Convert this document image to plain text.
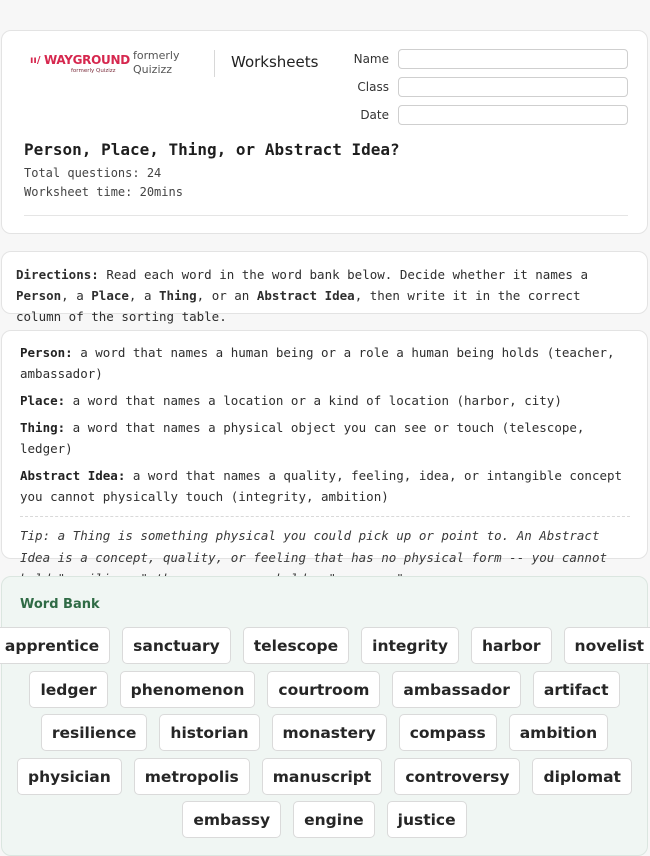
WAYGROUND
ıı/
formerly Quizizz
formerly Quizizz	Worksheets	Name
Class
Date
Person, Place, Thing, or Abstract Idea?
Total questions: 24
Worksheet time: 20mins
Directions: Read each word in the word bank below. Decide whether it names a Person, a Place, a Thing, or an Abstract Idea, then write it in the correct column of the sorting table.
Person: a word that names a human being or a role a human being holds (teacher, ambassador)
Place: a word that names a location or a kind of location (harbor, city)
Thing: a word that names a physical object you can see or touch (telescope, ledger)
Abstract Idea: a word that names a quality, feeling, idea, or intangible concept you cannot physically touch (integrity, ambition)
Tip: a Thing is something physical you could pick up or point to. An Abstract Idea is a concept, quality, or feeling that has no physical form -- you cannot
Word Bank
apprentice	sanctuary	telescope	integrity	harbor	novelist
ledger	phenomenon	courtroom	ambassador	artifact
resilience	historian	monastery	compass	ambition
physician	metropolis	manuscript	controversy	diplomat
embassy	engine	justice
